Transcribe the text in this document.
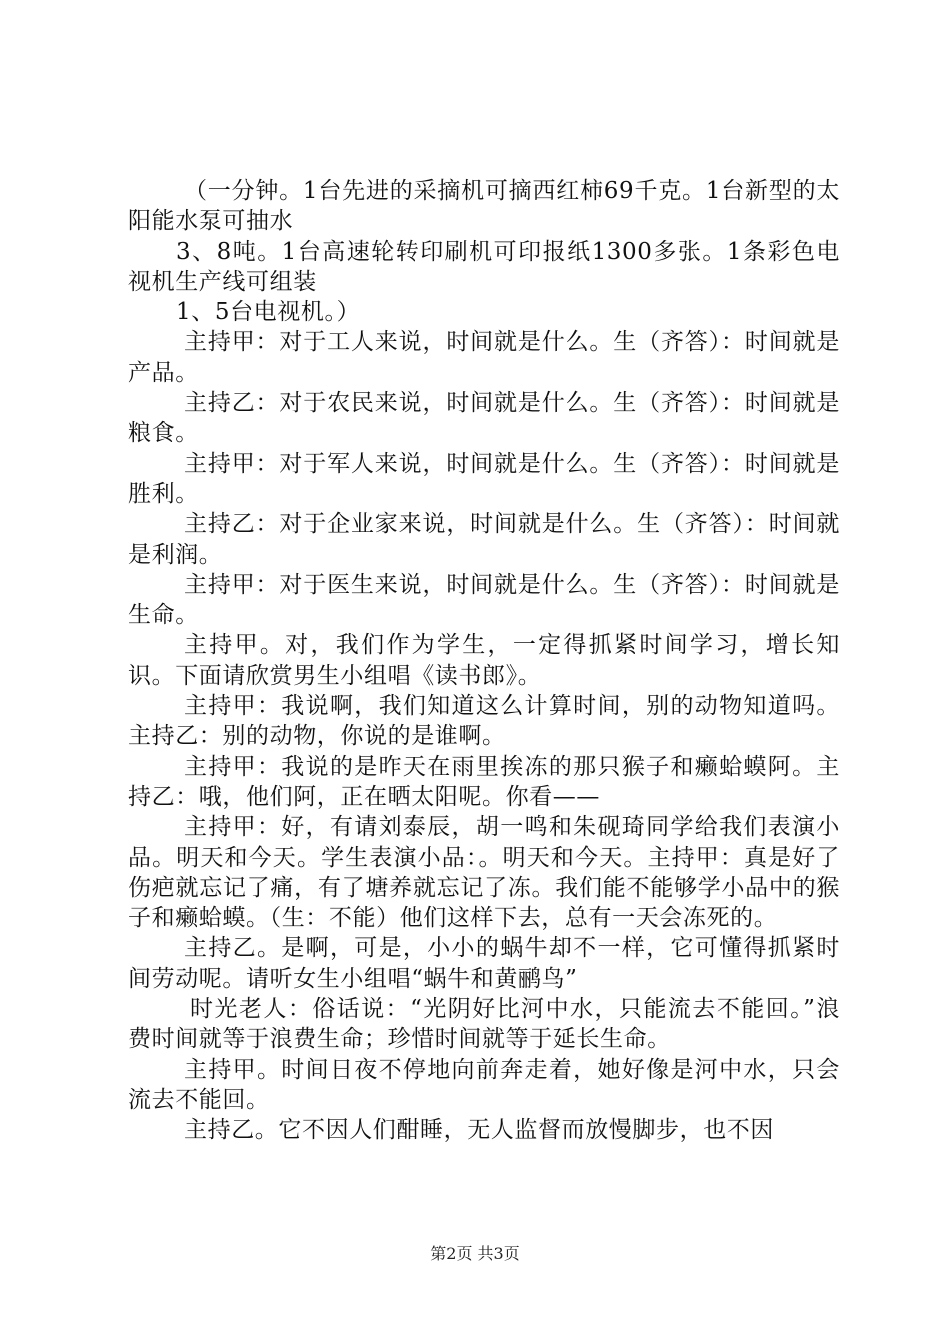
（一分钟。1台先进的采摘机可摘西红柿69千克。1台新型的太阳能水泵可抽水

3、8吨。1台高速轮转印刷机可印报纸1300多张。1条彩色电视机生产线可组装

1、5台电视机。）

主持甲：对于工人来说，时间就是什么。生（齐答）：时间就是产品。

主持乙：对于农民来说，时间就是什么。生（齐答）：时间就是粮食。

主持甲：对于军人来说，时间就是什么。生（齐答）：时间就是胜利。

主持乙：对于企业家来说，时间就是什么。生（齐答）：时间就是利润。

主持甲：对于医生来说，时间就是什么。生（齐答）：时间就是生命。

主持甲。对，我们作为学生，一定得抓紧时间学习，增长知识。下面请欣赏男生小组唱《读书郎》。

主持甲：我说啊，我们知道这么计算时间，别的动物知道吗。主持乙：别的动物，你说的是谁啊。

主持甲：我说的是昨天在雨里挨冻的那只猴子和癞蛤蟆阿。主持乙：哦，他们阿，正在晒太阳呢。你看——

主持甲：好，有请刘泰辰，胡一鸣和朱砚琦同学给我们表演小品。明天和今天。学生表演小品：。明天和今天。主持甲：真是好了伤疤就忘记了痛，有了塘养就忘记了冻。我们能不能够学小品中的猴子和癞蛤蟆。（生：不能）他们这样下去，总有一天会冻死的。

主持乙。是啊，可是，小小的蜗牛却不一样，它可懂得抓紧时间劳动呢。请听女生小组唱“蜗牛和黄鹂鸟”

时光老人：俗话说：“光阴好比河中水，只能流去不能回。”浪费时间就等于浪费生命；珍惜时间就等于延长生命。

主持甲。时间日夜不停地向前奔走着，她好像是河中水，只会流去不能回。

主持乙。它不因人们酣睡，无人监督而放慢脚步，也不因

第2页 共3页
